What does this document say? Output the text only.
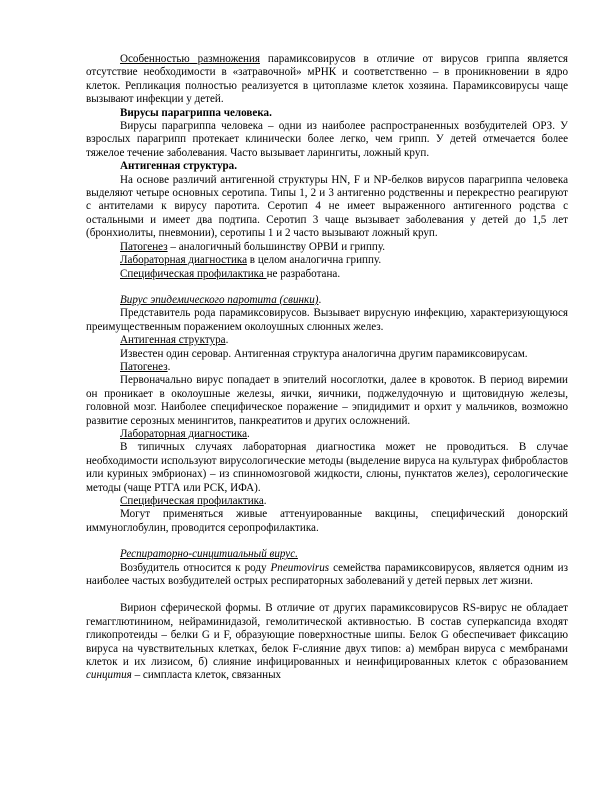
Особенностью размножения парамиксовирусов в отличие от вирусов гриппа является отсутствие необходимости в «затравочной» мРНК и соответственно – в проникновении в ядро клеток. Репликация полностью реализуется в цитоплазме клеток хозяина. Парамиксовирусы чаще вызывают инфекции у детей.

Вирусы парагриппа человека.

Вирусы парагриппа человека – одни из наиболее распространенных возбудителей ОРЗ. У взрослых парагрипп протекает клинически более легко, чем грипп. У детей отмечается более тяжелое течение заболевания. Часто вызывает ларингиты, ложный круп.

Антигенная структура.

На основе различий антигенной структуры HN, F и NP-белков вирусов парагриппа человека выделяют четыре основных серотипа. Типы 1, 2 и 3 антигенно родственны и перекрестно реагируют с антителами к вирусу паротита. Серотип 4 не имеет выраженного антигенного родства с остальными и имеет два подтипа. Серотип 3 чаще вызывает заболевания у детей до 1,5 лет (бронхиолиты, пневмонии), серотипы 1 и 2 часто вызывают ложный круп.

Патогенез – аналогичный большинству ОРВИ и гриппу.

Лабораторная диагностика в целом аналогична гриппу.

Специфическая профилактика не разработана.

Вирус эпидемического паротита (свинки).

Представитель рода парамиксовирусов. Вызывает вирусную инфекцию, характеризующуюся преимущественным поражением околоушных слюнных желез.

Антигенная структура.

Известен один серовар. Антигенная структура аналогична другим парамиксовирусам.

Патогенез.

Первоначально вирус попадает в эпителий носоглотки, далее в кровоток. В период виремии он проникает в околоушные железы, яички, яичники, поджелудочную и щитовидную железы, головной мозг. Наиболее специфическое поражение – эпидидимит и орхит у мальчиков, возможно развитие серозных менингитов, панкреатитов и других осложнений.

Лабораторная диагностика.

В типичных случаях лабораторная диагностика может не проводиться. В случае необходимости используют вирусологические методы (выделение вируса на культурах фибробластов или куриных эмбрионах) – из спинномозговой жидкости, слюны, пунктатов желез), серологические методы (чаще РТГА или РСК, ИФА).

Специфическая профилактика.

Могут применяться живые аттенуированные вакцины, специфический донорский иммуноглобулин, проводится серопрофилактика.

Респираторно-синцитиальный вирус.

Возбудитель относится к роду Pneumovirus семейства парамиксовирусов, является одним из наиболее частых возбудителей острых респираторных заболеваний у детей первых лет жизни.

Вирион сферической формы. В отличие от других парамиксовирусов RS-вирус не обладает гемагглютинином, нейраминидазой, гемолитической активностью. В состав суперкапсида входят гликопротеиды – белки G и F, образующие поверхностные шипы. Белок G обеспечивает фиксацию вируса на чувствительных клетках, белок F-слияние двух типов: а) мембран вируса с мембранами клеток и их лизисом, б) слияние инфицированных и неинфицированных клеток с образованием синцития – симпласта клеток, связанных
